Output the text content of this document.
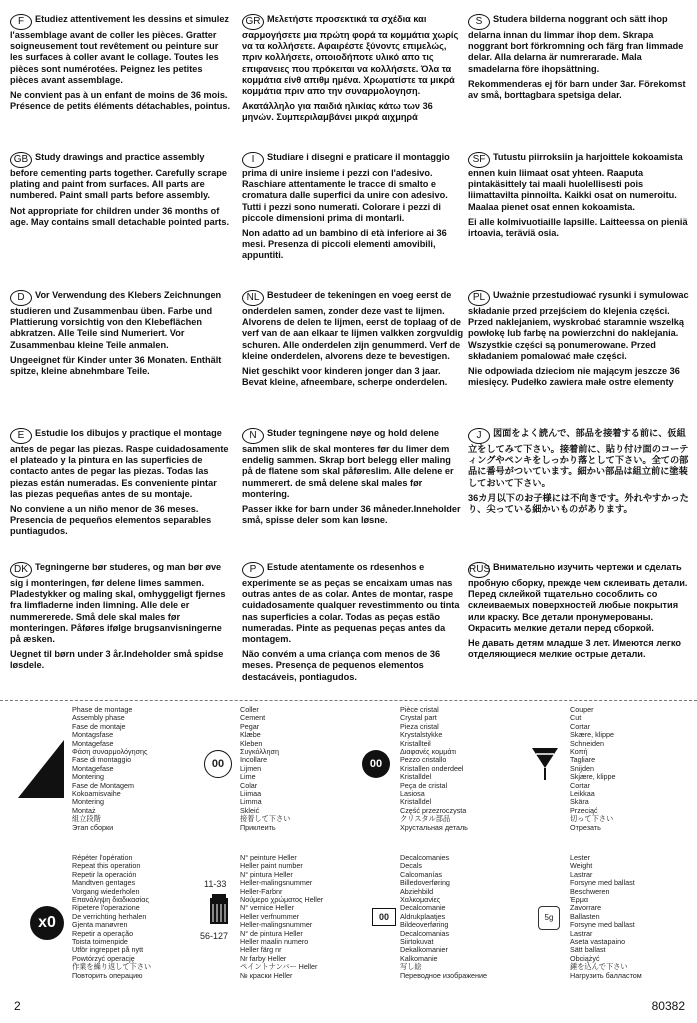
F Etudiez attentivement les dessins et simulez l'assemblage avant de coller les pièces. Gratter soigneusement tout revêtement ou peinture sur les surfaces à coller avant le collage. Toutes les pièces sont numérotées. Peignez les petites pièces avant assemblage.

Ne convient pas à un enfant de moins de 36 mois. Présence de petits éléments détachables, pointus.

GR Μελετήστε προσεκτικά τα σχέδια και σαρμογήσετε μια πρώτη φορά τα κομμάτια χωρίς να τα κολλήσετε. Αφαιρέστε ξύνοντς επιμελώς, πριν κολλήσετε, οποιοδήποτε υλικό απο τις επιφανειες που πρόκειται να κολλήσετε. Όλα τα κομμάτια είνθ απιθμ ημένα. Χρωματίστε τα μικρά κομμάτια πριν απο την συναρμολογηση.

Ακατάλληλο για παιδιά ηλικίας κάτω των 36 μηνών. Συμπεριλαμβάνει μικρά αιχμηρά

S Studera bilderna noggrant och sätt ihop delarna innan du limmar ihop dem. Skrapa noggrant bort förkromning och färg fran limmade delar. Alla delarna är numrerarade. Mala smadelarna före ihopsättning.

Rekommenderas ej för barn under 3ar. Förekomst av små, borttagbara spetsiga delar.

GB Study drawings and practice assembly before cementing parts together. Carefully scrape plating and paint from surfaces. All parts are numbered. Paint small parts before assembly.

Not appropriate for children under 36 months of age. May contains small detachable pointed parts.

I Studiare i disegni e praticare il montaggio prima di unire insieme i pezzi con l'adesivo. Raschiare attentamente le tracce di smalto e cromatura dalle superfici da unire con adesivo. Tutti i pezzi sono numerati. Colorare i pezzi di piccole dimensioni prima di montarli.

Non adatto ad un bambino di età inferiore ai 36 mesi. Presenza di piccoli elementi amovibili, appuntiti.

SF Tutustu piirroksiin ja harjoittele kokoamista ennen kuin liimaat osat yhteen. Raaputa pintakäsittely tai maali huolellisesti pois liimattavilta pinnoilta. Kaikki osat on numeroitu. Maalaa pienet osat ennen kokoamista.

Ei alle kolmivuotiaille lapsille. Laitteessa on pieniä irtoavia, teräviä osia.

D Vor Verwendung des Klebers Zeichnungen studieren und Zusammenbau üben. Farbe und Plattierung vorsichtig von den Klebeflächen abkratzen. Alle Teile sind Numeriert. Vor Zusammenbau kleine Teile anmalen.

Ungeeignet für Kinder unter 36 Monaten. Enthält spitze, kleine abnehmbare Teile.

NL Bestudeer de tekeningen en voeg eerst de onderdelen samen, zonder deze vast te lijmen. Alvorens de delen te lijmen, eerst de toplaag of de verf van de aan elkaar te lijmen valkken zorgvuldig schuren. Alle onderdelen zijn genummerd. Verf de kleine onderdelen, alvorens deze te bevestigen.

Niet geschikt voor kinderen jonger dan 3 jaar. Bevat kleine, afneembare, scherpe onderdelen.

PL Uważnie przestudiować rysunki i symulowac składanie przed przejściem do klejenia części. Przed naklejaniem, wyskrobać staramnie wszelką powłokę lub farbę na powierzchni do naklejania. Wszystkie części są ponumerowane. Przed składaniem pomalować małe części.

Nie odpowiada dzieciom nie mającym jeszcze 36 miesięcy. Pudełko zawiera małe ostre elementy

E Estudie los dibujos y practique el montage antes de pegar las piezas. Raspe cuidadosamente el plateado y la pintura en las superficies de contacto antes de pegar las piezas. Todas las piezas están numeradas. Es conveniente pintar las piezas pequeñas antes de su montaje.

No conviene a un niño menor de 36 meses. Presencia de pequeños elementos separables puntiagudos.

N Studer tegningene nøye og hold delene sammen slik de skal monteres før du limer dem endelig sammen. Skrap bort belegg eller maling på de flatene som skal påføreslim. Alle delene er nummerert. de små delene skal males før montering.

Passer ikke for barn under 36 måneder.Inneholder små, spisse deler som kan løsne.

J 図面をよく読んで、部品を接着する前に、仮組立をしてみて下さい。接着前に、貼り付け面のコーティングやペンキをしっかり落として下さい。全ての部品に番号がついています。細かい部品は組立前に塗装しておいて下さい。

36カ月以下のお子様には不向きです。外れやすかったり、尖っている細かいものがあります。

DK Tegningerne bør studeres, og man bør øve sig i monteringen, før delene limes sammen. Pladestykker og maling skal, omhyggeligt fjernes fra limfladerne inden limning. Alle dele er nummererede. Små dele skal males før monteringen. Påføres ifølge brugsanvisningerne på æsken.

Uegnet til børn under 3 år.Indeholder små spidse løsdele.

P Estude atentamente os rdesenhos e experimente se as peças se encaixam umas nas outras antes de as colar. Antes de montar, raspe cuidadosamente qualquer revestimmento ou tinta nas superficies a colar. Todas as peças estão numeradas. Pinte as pequenas peças antes da montagem.

Não convém a uma criança com menos de 36 meses. Presença de pequenos elementos destacáveis, pontiagudos.

RUS Внимательно изучить чертежи и сделать пробную сборку, прежде чем склеивать детали. Перед склейкой тщательно сособлить со склеиваемых поверхностей любые покрытия или краску. Все детали пронумерованы. Окрасить мелкие детали перед сборкой.

Не давать детям младше 3 лет. Имеются легко отделяющиеся мелкие острые детали.

Phase de montage
Assembly phase
Fase de montaje
Montagsfase
Montagefase
Φάση συναρμολόγησης
Fase di montaggio
Montagefase
Montering
Fase de Montagem
Kokoamisvaihe
Montering
Montaż
組立段階
Этап сборки
00
Coller
Cement
Pegar
Klæbe
Kleben
Συγκόλληση
Incollare
Lijmen
Lime
Colar
Liimaa
Limma
Skleić
接着して下さい
Приклеить
00
Pièce cristal
Crystal part
Pieza cristal
Krystalstykke
Kristallteil
Διαφανές κομμάτι
Pezzo cristallo
Kristallen onderdeel
Kristalldel
Peça de cristal
Lasiosa
Kristalldel
Część przezroczysta
クリスタル部品
Хрустальная деталь
Couper
Cut
Cortar
Skære, klippe
Schneiden
Κοπή
Tagliare
Snijden
Skjære, klippe
Cortar
Leikkaa
Skära
Przeciąć
切って下さい
Отрезать
x0
Répéter l'opération
Repeat this operation
Repetir la operación
Mandtven gentages
Vorgang wiederholen
Επανάληψη διαδικασίας
Ripetere l'operazione
De verrichting herhalen
Gjenta manøvren
Repetir a operação
Toista toimenpide
Utför ingreppet på nytt
Powtórzyć operację
作業を繰り返して下さい
Повторить операцию
11-33
56-127
N° peinture Heller
Heller paint number
N° pintura Heller
Heller-malingsnummer
Heller-Farbnr
Νούμερο χρώματος Heller
N° vernice Heller
Heller verfnummer
Heller-malingsnummer
N° de pintura Heller
Heller maalin numero
Heller färg nr
Nr farby Heller
ペイントナンバー Heller
№ краски Heller
00
Decalcomanies
Decals
Calcomanías
Billedoverføring
Abziehbild
Χαλκομανίες
Decalcomanie
Aldrukplaatjes
Bildeoverføring
Decalcomanias
Siirtokuvat
Dekalkomanier
Kalkomanie
写し絵
Переводное изображение
5g
Lester
Weight
Lastrar
Forsyne med ballast
Beschweren
Έρμα
Zavorrare
Ballasten
Forsyne med ballast
Lastrar
Aseta vastapaino
Sätt ballast
Obciążyć
錘を込んで下さい
Нагрузить балластом
2	80382
